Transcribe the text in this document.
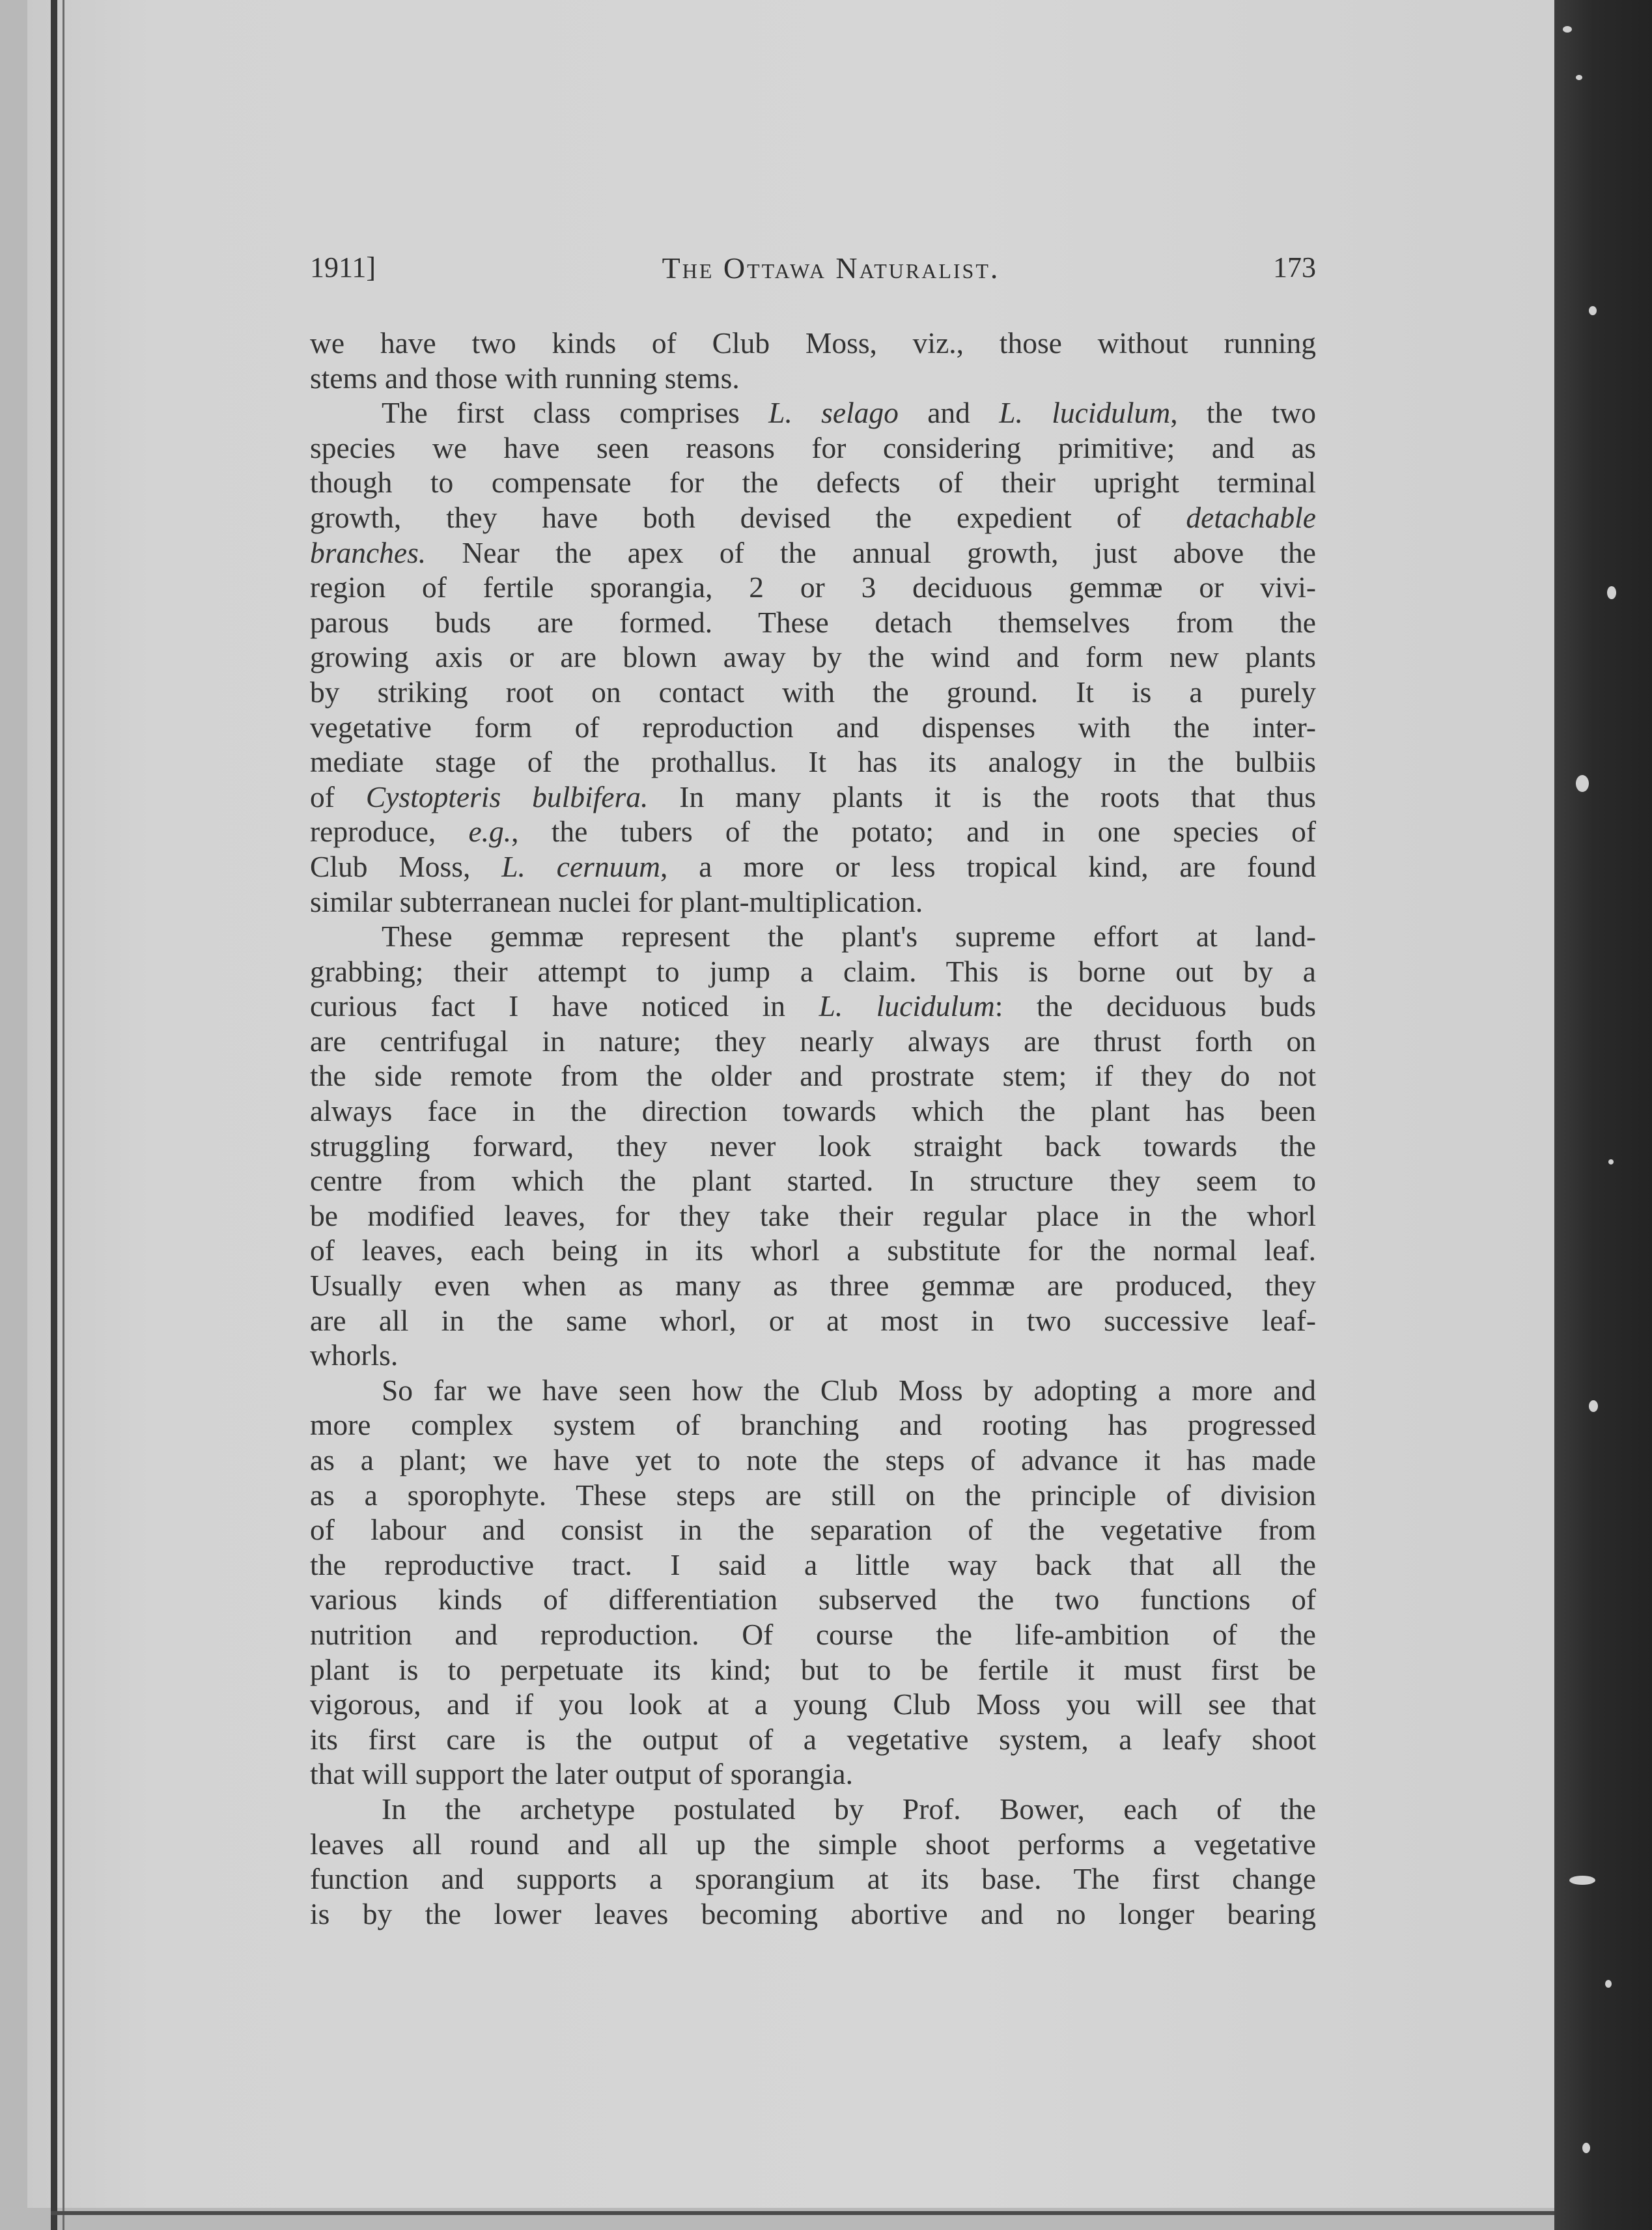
1911]	The Ottawa Naturalist.	173
we have two kinds of Club Moss, viz., those without running
stems and those with running stems.
The first class comprises L. selago and L. lucidulum, the two
species we have seen reasons for considering primitive; and as
though to compensate for the defects of their upright terminal
growth, they have both devised the expedient of detachable
branches. Near the apex of the annual growth, just above the
region of fertile sporangia, 2 or 3 deciduous gemmæ or vivi-
parous buds are formed. These detach themselves from the
growing axis or are blown away by the wind and form new plants
by striking root on contact with the ground. It is a purely
vegetative form of reproduction and dispenses with the inter-
mediate stage of the prothallus. It has its analogy in the bulbiis
of Cystopteris bulbifera. In many plants it is the roots that thus
reproduce, e.g., the tubers of the potato; and in one species of
Club Moss, L. cernuum, a more or less tropical kind, are found
similar subterranean nuclei for plant-multiplication.
These gemmæ represent the plant's supreme effort at land-
grabbing; their attempt to jump a claim. This is borne out by a
curious fact I have noticed in L. lucidulum: the deciduous buds
are centrifugal in nature; they nearly always are thrust forth on
the side remote from the older and prostrate stem; if they do not
always face in the direction towards which the plant has been
struggling forward, they never look straight back towards the
centre from which the plant started. In structure they seem to
be modified leaves, for they take their regular place in the whorl
of leaves, each being in its whorl a substitute for the normal leaf.
Usually even when as many as three gemmæ are produced, they
are all in the same whorl, or at most in two successive leaf-
whorls.
So far we have seen how the Club Moss by adopting a more and
more complex system of branching and rooting has progressed
as a plant; we have yet to note the steps of advance it has made
as a sporophyte. These steps are still on the principle of division
of labour and consist in the separation of the vegetative from
the reproductive tract. I said a little way back that all the
various kinds of differentiation subserved the two functions of
nutrition and reproduction. Of course the life-ambition of the
plant is to perpetuate its kind; but to be fertile it must first be
vigorous, and if you look at a young Club Moss you will see that
its first care is the output of a vegetative system, a leafy shoot
that will support the later output of sporangia.
In the archetype postulated by Prof. Bower, each of the
leaves all round and all up the simple shoot performs a vegetative
function and supports a sporangium at its base. The first change
is by the lower leaves becoming abortive and no longer bearing
